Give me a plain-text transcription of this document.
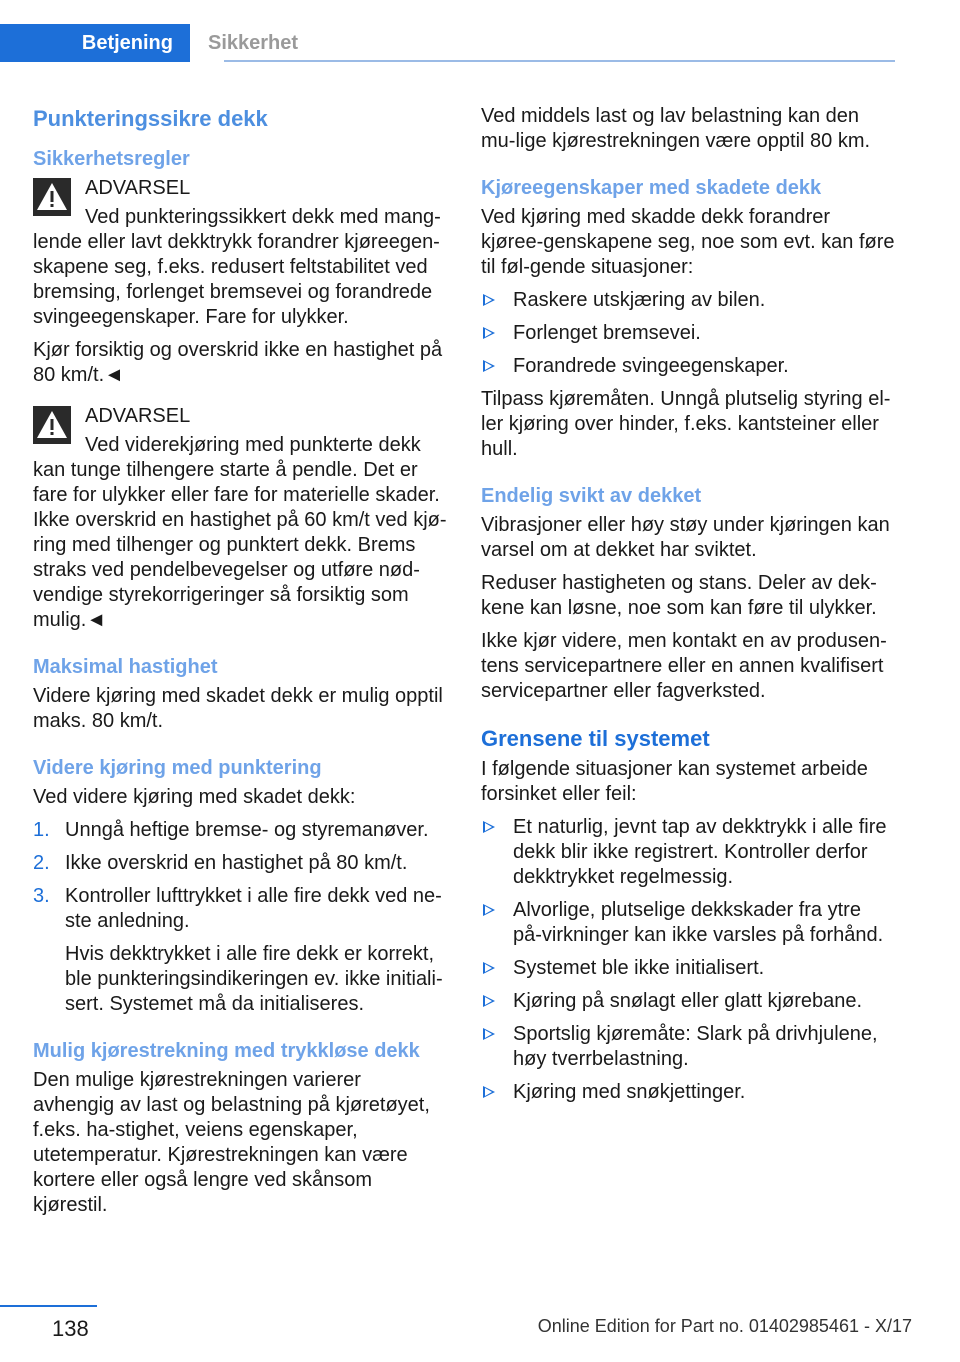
Betjening	Sikkerhet
Punkteringssikre dekk
Sikkerhetsregler
ADVARSEL

Ved punkteringssikkert dekk med mang-lende eller lavt dekktrykk forandrer kjøreegen-skapene seg, f.eks. redusert feltstabilitet ved bremsing, forlenget bremsevei og forandrede svingeegenskaper. Fare for ulykker.

Kjør forsiktig og overskrid ikke en hastighet på 80 km/t.◄

ADVARSEL

Ved viderekjøring med punkterte dekk kan tunge tilhengere starte å pendle. Det er fare for ulykker eller fare for materielle skader. Ikke overskrid en hastighet på 60 km/t ved kjø-ring med tilhenger og punktert dekk. Brems straks ved pendelbevegelser og utføre nød-vendige styrekorrigeringer så forsiktig som mulig.◄

Maksimal hastighet

Videre kjøring med skadet dekk er mulig opptil maks. 80 km/t.

Videre kjøring med punktering

Ved videre kjøring med skadet dekk:

1. Unngå heftige bremse- og styremanøver.
2. Ikke overskrid en hastighet på 80 km/t.
3. Kontroller lufttrykket i alle fire dekk ved ne-ste anledning.
Hvis dekktrykket i alle fire dekk er korrekt, ble punkteringsindikeringen ev. ikke initiali-sert. Systemet må da initialiseres.
Mulig kjørestrekning med trykkløse dekk

Den mulige kjørestrekningen varierer avhengig av last og belastning på kjøretøyet, f.eks. ha-stighet, veiens egenskaper, utetemperatur. Kjørestrekningen kan være kortere eller også lengre ved skånsom kjørestil.

Ved middels last og lav belastning kan den mu-lige kjørestrekningen være opptil 80 km.

Kjøreegenskaper med skadete dekk

Ved kjøring med skadde dekk forandrer kjøree-genskapene seg, noe som evt. kan føre til føl-gende situasjoner:

Raskere utskjæring av bilen.
Forlenget bremsevei.
Forandrede svingeegenskaper.

Tilpass kjøremåten. Unngå plutselig styring el-ler kjøring over hinder, f.eks. kantsteiner eller hull.

Endelig svikt av dekket

Vibrasjoner eller høy støy under kjøringen kan varsel om at dekket har sviktet.

Reduser hastigheten og stans. Deler av dek-kene kan løsne, noe som kan føre til ulykker.

Ikke kjør videre, men kontakt en av produsen-tens servicepartnere eller en annen kvalifisert servicepartner eller fagverksted.

Grensene til systemet

I følgende situasjoner kan systemet arbeide forsinket eller feil:

Et naturlig, jevnt tap av dekktrykk i alle fire dekk blir ikke registrert. Kontroller derfor dekktrykket regelmessig.
Alvorlige, plutselige dekkskader fra ytre på-virkninger kan ikke varsles på forhånd.
Systemet ble ikke initialisert.
Kjøring på snølagt eller glatt kjørebane.
Sportslig kjøremåte: Slark på drivhjulene, høy tverrbelastning.
Kjøring med snøkjettinger.
138	Online Edition for Part no. 01402985461 - X/17
